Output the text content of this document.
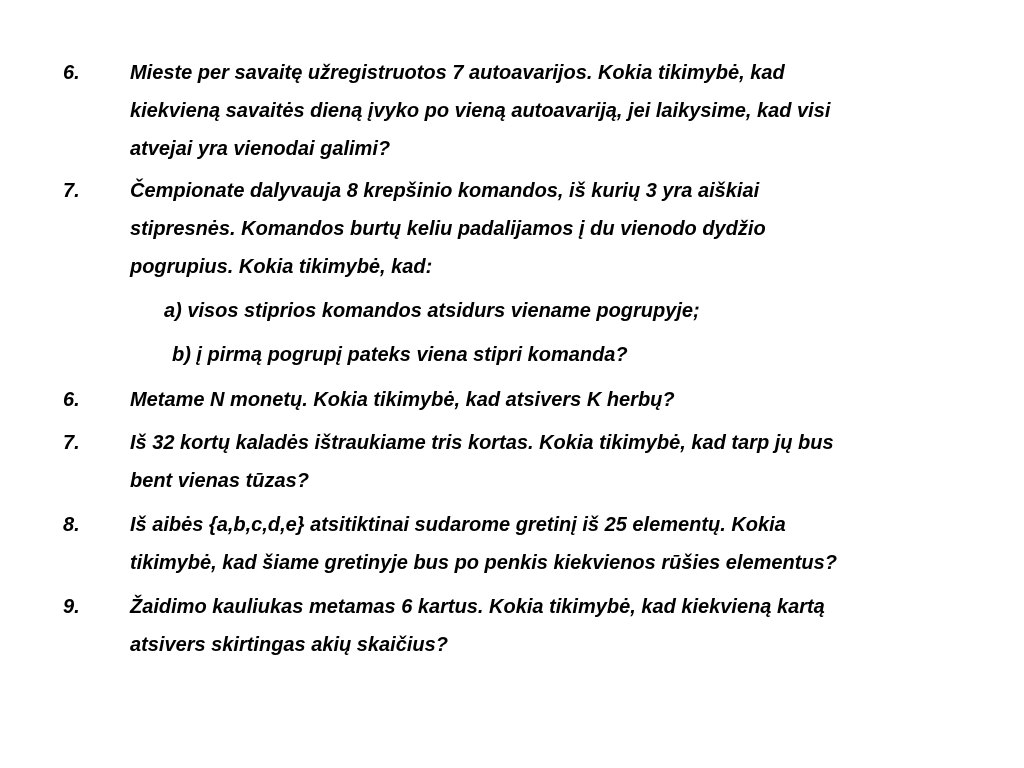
6.	Mieste per savaitę užregistruotos 7 autoavarijos. Kokia tikimybė, kad
kiekvieną savaitės dieną įvyko po vieną autoavariją, jei laikysime, kad visi
atvejai yra vienodai galimi?
7.	Čempionate dalyvauja 8 krepšinio komandos, iš kurių 3 yra aiškiai
stipresnės. Komandos burtų keliu padalijamos į du vienodo dydžio
pogrupius. Kokia tikimybė, kad:
a) visos stiprios komandos atsidurs viename pogrupyje;
b) į pirmą pogrupį pateks viena stipri komanda?
6.	Metame N monetų. Kokia tikimybė, kad atsivers K herbų?
7.	Iš 32 kortų kaladės ištraukiame tris kortas. Kokia tikimybė, kad tarp jų bus
bent vienas tūzas?
8.	Iš aibės {a,b,c,d,e} atsitiktinai sudarome gretinį iš 25 elementų. Kokia
tikimybė, kad šiame gretinyje bus po penkis kiekvienos rūšies elementus?
9.	Žaidimo kauliukas metamas 6 kartus. Kokia tikimybė, kad kiekvieną kartą
atsivers skirtingas akių skaičius?
